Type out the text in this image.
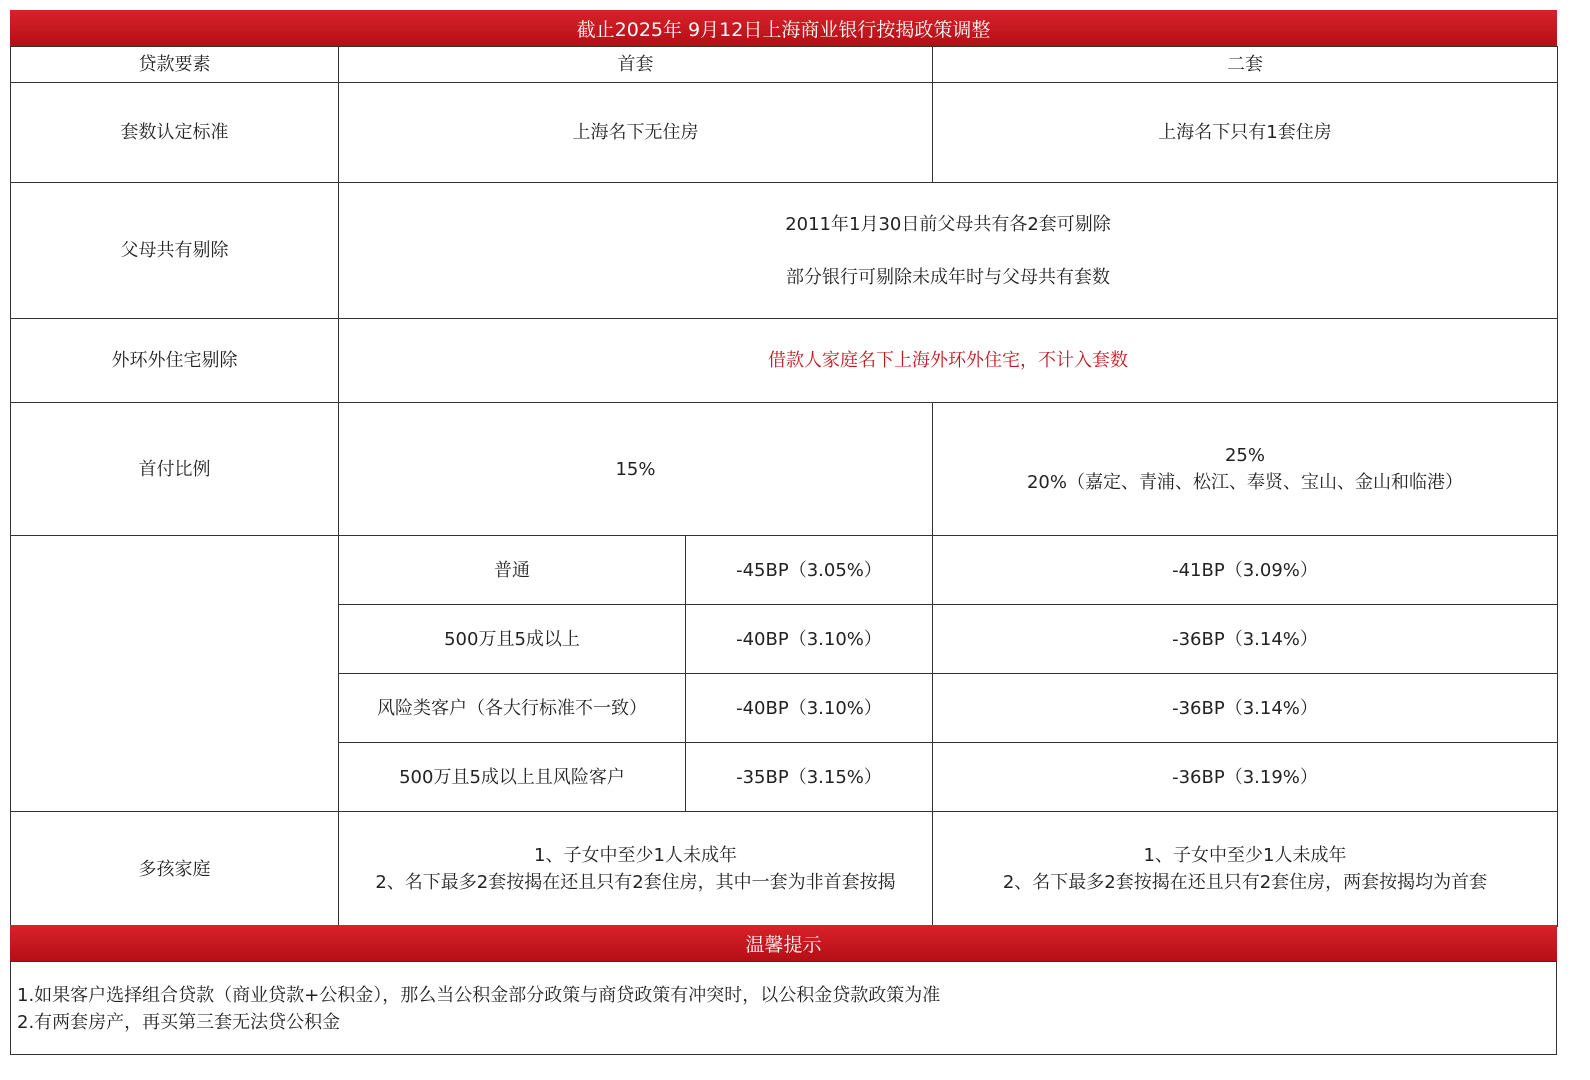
截止2025年 9月12日上海商业银行按揭政策调整
贷款要素	首套		二套
套数认定标准	上海名下无住房		上海名下只有1套住房
父母共有剔除	2011年1月30日前父母共有各2套可剔除
部分银行可剔除未成年时与父母共有套数		

外环外住宅剔除	借款人家庭名下上海外环外住宅，不计入套数		
首付比例	15%		25%
20%（嘉定、青浦、松江、奉贤、宝山、金山和临港）

	普通	-45BP（3.05%）	-41BP（3.09%）
	500万且5成以上	-40BP（3.10%）	-36BP（3.14%）
	风险类客户（各大行标准不一致）	-40BP（3.10%）	-36BP（3.14%）
	500万且5成以上且风险客户	-35BP（3.15%）	-36BP（3.19%）
多孩家庭	1、子女中至少1人未成年
2、名下最多2套按揭在还且只有2套住房，其中一套为非首套按揭		1、子女中至少1人未成年
2、名下最多2套按揭在还且只有2套住房，两套按揭均为首套
温馨提示
1.如果客户选择组合贷款（商业贷款+公积金），那么当公积金部分政策与商贷政策有冲突时，以公积金贷款政策为准
2.有两套房产，再买第三套无法贷公积金
